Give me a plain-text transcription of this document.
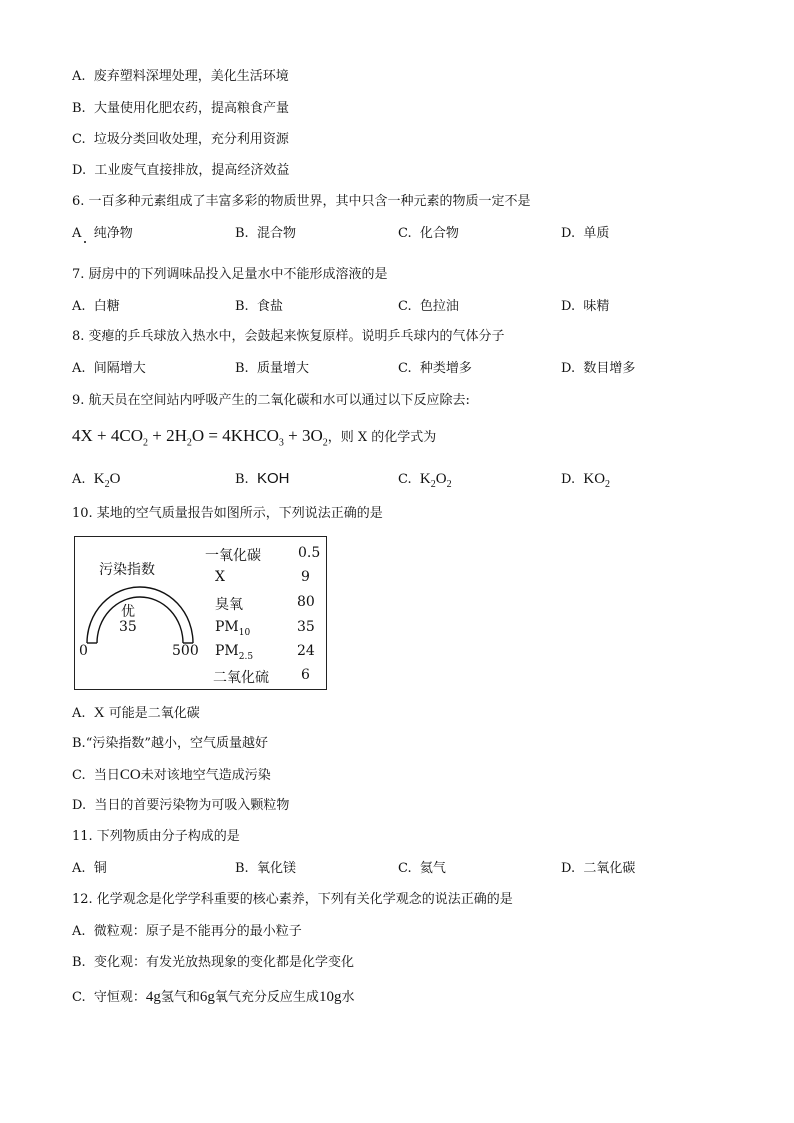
A. 废弃塑料深埋处理，美化生活环境
B. 大量使用化肥农药，提高粮食产量
C. 垃圾分类回收处理，充分利用资源
D. 工业废气直接排放，提高经济效益
6. 一百多种元素组成了丰富多彩的物质世界，其中只含一种元素的物质一定不是
A 纯净物	B. 混合物	C. 化合物	D. 单质
7. 厨房中的下列调味品投入足量水中不能形成溶液的是
A. 白糖	B. 食盐	C. 色拉油	D. 味精
8. 变瘪的乒乓球放入热水中，会鼓起来恢复原样。说明乒乓球内的气体分子
A. 间隔增大	B. 质量增大	C. 种类增多	D. 数目增多
9. 航天员在空间站内呼吸产生的二氧化碳和水可以通过以下反应除去:
$4X + 4CO_2 + 2H_2O$ = $4KHCO_3 + 3O_2$，则 X 的化学式为
A. $K_2O$	B. KOH	C. $K_2O_2$	D. $KO_2$
10. 某地的空气质量报告如图所示，下列说法正确的是
污染指数
优
35
0	500
一氧化碳	0.5
X	9
臭氧	80
$PM_{10}$	35
$PM_{2.5}$	24
二氧化硫 6
A. X 可能是二氧化碳
B.“污染指数”越小，空气质量越好
C. 当日CO未对该地空气造成污染
D. 当日的首要污染物为可吸入颗粒物
11. 下列物质由分子构成的是
A. 铜	B. 氧化镁	C. 氦气	D. 二氧化碳
12. 化学观念是化学学科重要的核心素养，下列有关化学观念的说法正确的是
A. 微粒观：原子是不能再分的最小粒子
B. 变化观：有发光放热现象的变化都是化学变化
C. 守恒观：4g氢气和6g氧气充分反应生成10g水
